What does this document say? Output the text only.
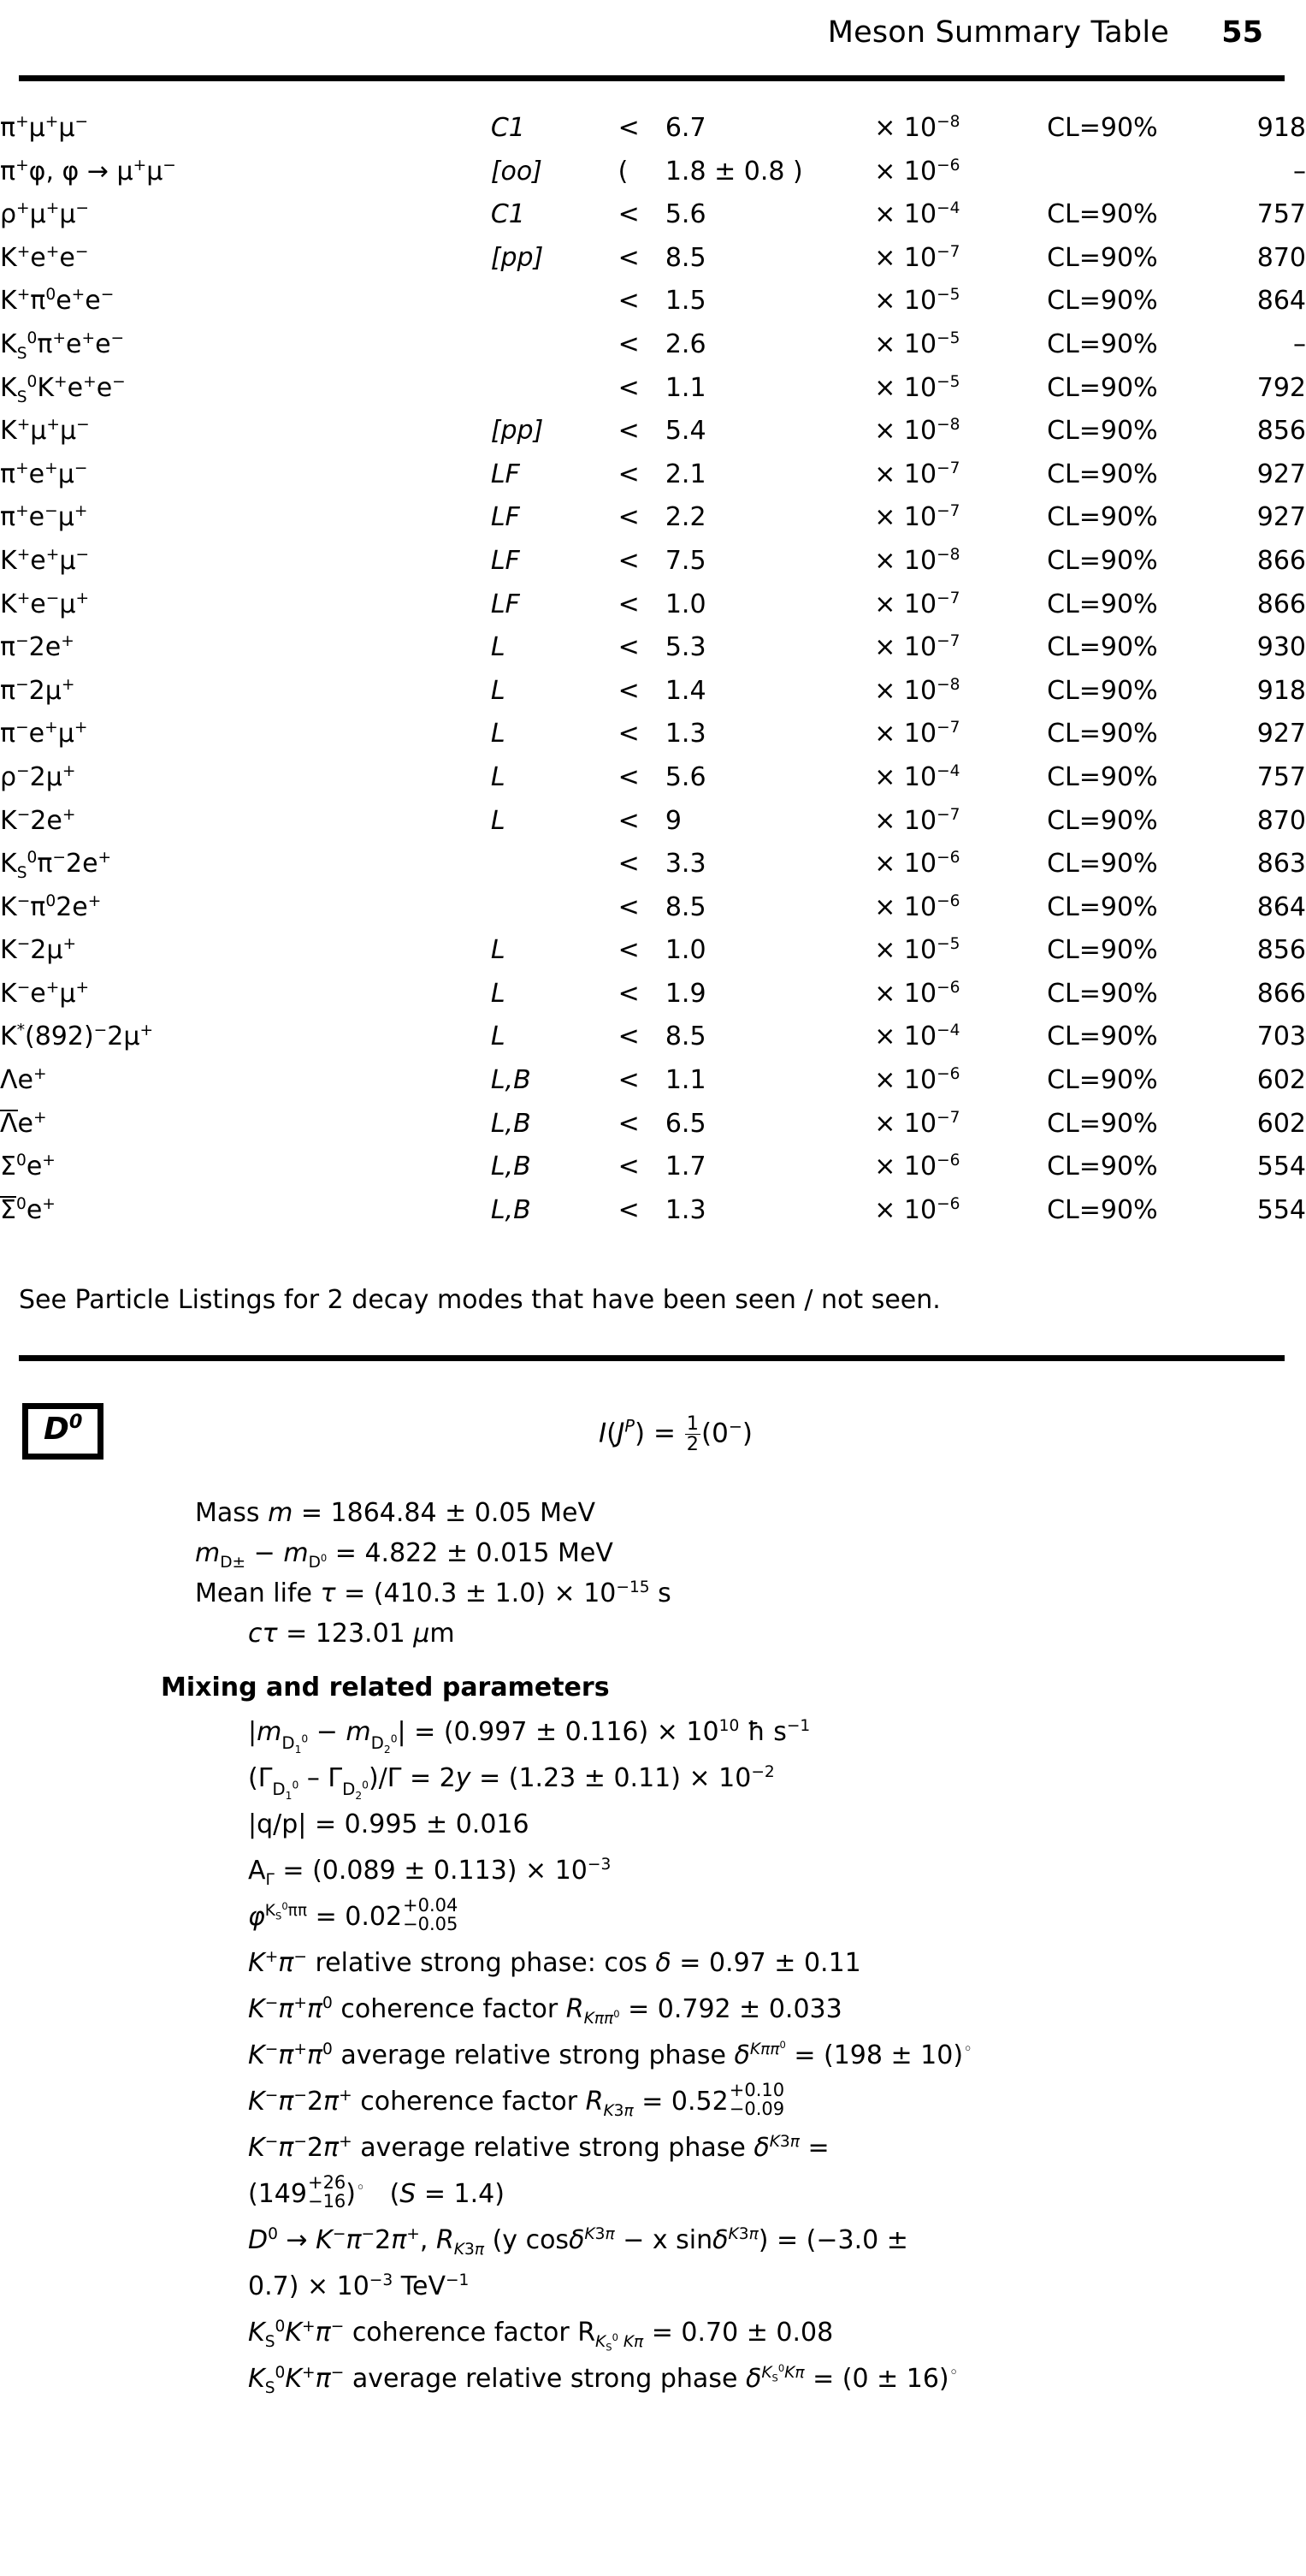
Meson Summary Table 55
π+μ+μ−	C1	<	6.7	× $10^{-8}$	CL=90%	918
π+φ, φ → μ+μ−	[oo]	(	1.8 ± 0.8 )	× $10^{-6}$		–
ρ+μ+μ−	C1	<	5.6	× $10^{-4}$	CL=90%	757
K+e+e−	[pp]	<	8.5	× $10^{-7}$	CL=90%	870
$K^+\pi^0e^+e^-$		<	1.5	× $10^{-5}$	CL=90%	864
$K_S^0\pi^+e^+e^-$		<	2.6	× $10^{-5}$	CL=90%	–
$K_S^0K^+e^+e^-$		<	1.1	× $10^{-5}$	CL=90%	792
K+μ+μ−	[pp]	<	5.4	× $10^{-8}$	CL=90%	856
π+e+μ−	LF	<	2.1	× $10^{-7}$	CL=90%	927
π+e−μ+	LF	<	2.2	× $10^{-7}$	CL=90%	927
K+e+μ−	LF	<	7.5	× $10^{-8}$	CL=90%	866
K+e−μ+	LF	<	1.0	× $10^{-7}$	CL=90%	866
π−2e+	L	<	5.3	× $10^{-7}$	CL=90%	930
π−2μ+	L	<	1.4	× $10^{-8}$	CL=90%	918
π−e+μ+	L	<	1.3	× $10^{-7}$	CL=90%	927
ρ−2μ+	L	<	5.6	× $10^{-4}$	CL=90%	757
K−2e+	L	<	9	× $10^{-7}$	CL=90%	870
$K_S^0\pi^-2e^+$		<	3.3	× $10^{-6}$	CL=90%	863
$K^-\pi^02e^+$		<	8.5	× $10^{-6}$	CL=90%	864
K−2μ+	L	<	1.0	× $10^{-5}$	CL=90%	856
K−e+μ+	L	<	1.9	× $10^{-6}$	CL=90%	866
K*(892)−2μ+	L	<	8.5	× $10^{-4}$	CL=90%	703
Λe+	L,B	<	1.1	× $10^{-6}$	CL=90%	602
Λe+	L,B	<	6.5	× $10^{-7}$	CL=90%	602
$\Sigma^0e^+$	L,B	<	1.7	× $10^{-6}$	CL=90%	554
$\Sigma^0e^+$	L,B	<	1.3	× $10^{-6}$	CL=90%	554
See Particle Listings for 2 decay modes that have been seen / not seen.
$D^0$	$I(J^P) = \frac{1}{2} (0^-)$
Mass m = 1864.84 ± 0.05 MeV
$m_{D\pm} - m_{D^0} = 4.822 \pm 0.015$ MeV
Mean life $\tau = (410.3 \pm 1.0) \times 10^{-15}$ s
cτ = 123.01 μm
Mixing and related parameters
$|mD_1^0 - mD_2^0| = (0.997 \pm 0.116) \times 10^{10}$ ħ $s^{-1}$
$(\Gamma D_1^0 - \Gamma D_2^0)/\Gamma = 2y = (1.23 \pm 0.11) \times 10^{-2}$
|q/p| = 0.995 ± 0.016
$A_\Gamma = (0.089 \pm 0.113) \times 10^{-3}$
$\varphi^{K_S^0\pi\pi} = 0.02 +0.04$
−0.05
K+π− relative strong phase: cos δ = 0.97 ± 0.11
$K^-\pi^+\pi^0$ coherence factor $R_{K\pi\pi^0} = 0.792 \pm 0.033$
$K^-\pi^+\pi^0$ average relative strong phase $\delta^{K\pi\pi^0} = (198 \pm 10)^◦$
K−π−2π+ coherence factor $R_{K3\pi} = 0.52 +0.10$
−0.09
K−π−2π+ average relative strong phase $\delta^{K3\pi}$ =
(149 +26
−16 )◦   (S = 1.4)
$D^0 \to K^-\pi^-2\pi^+$, $R_{K3\pi}$ (y cosδ$^{K3\pi}$ − x sinδ$^{K3\pi}$) = (−3.0 ±
$0.7) \times 10^{-3}$ TeV$^{-1}$
$K_S^0K^+\pi^-$ coherence factor $R_{K_S^0 K\pi} = 0.70 \pm 0.08$
$K_S^0K^+\pi^-$ average relative strong phase $\delta^{K_S^0K\pi} = (0 \pm 16)^◦$
